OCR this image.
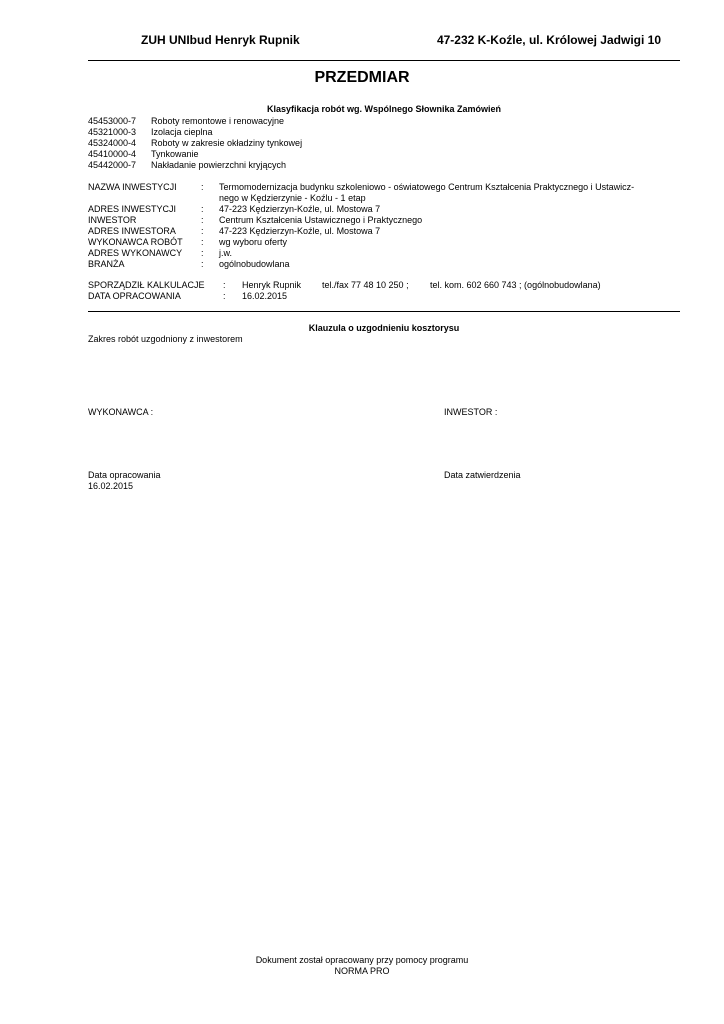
ZUH UNIbud Henryk Rupnik	47-232 K-Koźle, ul. Królowej Jadwigi 10
PRZEDMIAR
Klasyfikacja robót wg. Wspólnego Słownika Zamówień
45453000-7 Roboty remontowe i renowacyjne
45321000-3 Izolacja cieplna
45324000-4 Roboty w zakresie okładziny tynkowej
45410000-4 Tynkowanie
45442000-7 Nakładanie powierzchni kryjących
NAZWA INWESTYCJI	: Termomodernizacja budynku szkoleniowo - oświatowego Centrum Kształcenia Praktycznego i Ustawicz-
nego w Kędzierzynie - Koźlu - 1 etap
ADRES INWESTYCJI	: 47-223 Kędzierzyn-Koźle, ul. Mostowa 7
INWESTOR	: Centrum Kształcenia Ustawicznego i Praktycznego
ADRES INWESTORA	: 47-223 Kędzierzyn-Koźle, ul. Mostowa 7
WYKONAWCA ROBÓT : wg wyboru oferty
ADRES WYKONAWCY : j.w.
BRANŻA	: ogólnobudowlana
SPORZĄDZIŁ KALKULACJE : Henryk Rupnik tel./fax 77 48 10 250 ; tel. kom. 602 660 743 ; (ogólnobudowlana)
DATA OPRACOWANIA	: 16.02.2015
Klauzula o uzgodnieniu kosztorysu
Zakres robót uzgodniony z inwestorem
WYKONAWCA :	INWESTOR :
Data opracowania
16.02.2015
Data zatwierdzenia
Dokument został opracowany przy pomocy programu
NORMA PRO
